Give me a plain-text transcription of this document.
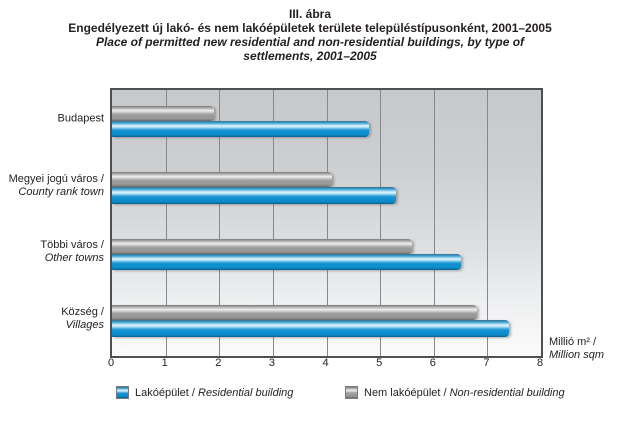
III. ábra
Engedélyezett új lakó- és nem lakóépületek területe településtípusonként, 2001–2005
Place of permitted new residential and non-residential buildings, by type of settlements, 2001–2005
Budapest
Megyei jogú város /
County rank town
Többi város /
Other towns
Község /
Villages
0	1	2	3	4	5	6	7	8
Millió m² /
Million sqm
Lakóépület / Residential building	Nem lakóépület / Non-residential building
